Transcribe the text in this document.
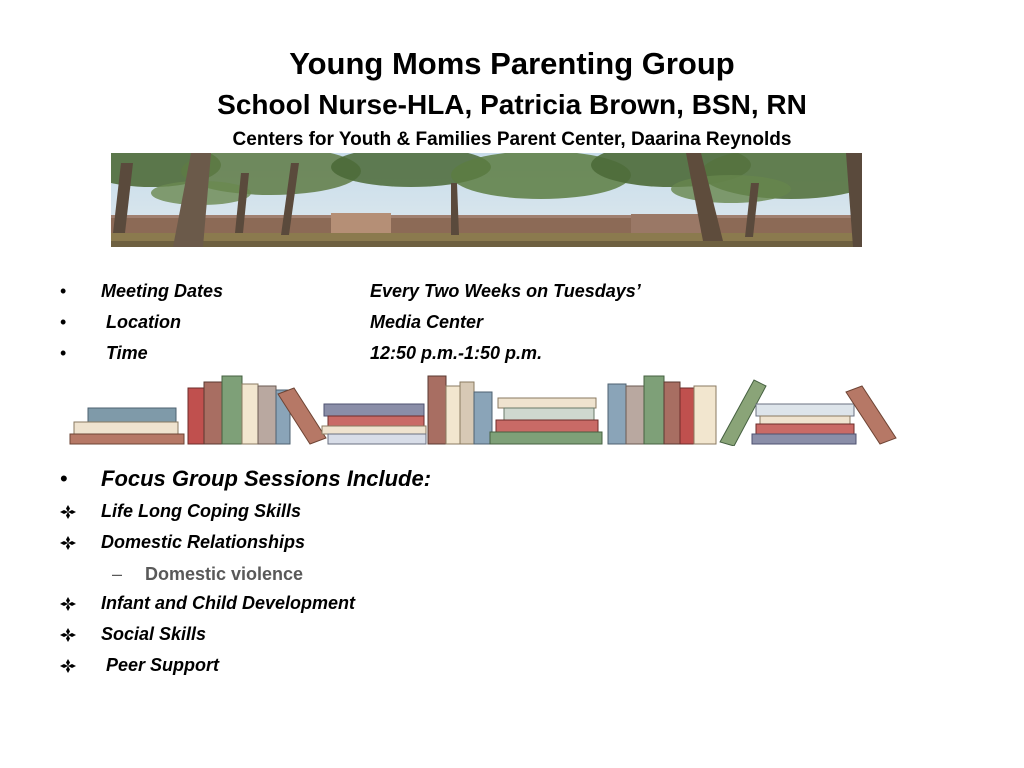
Young Moms Parenting Group
School Nurse-HLA, Patricia Brown, BSN, RN
Centers for Youth & Families Parent Center, Daarina Reynolds
• Meeting Dates	Every Two Weeks on Tuesdays’
• Location	Media Center
• Time	12:50 p.m.-1:50 p.m.
• Focus Group Sessions Include:
Life Long Coping Skills
Domestic Relationships
– Domestic violence
Infant and Child Development
Social Skills
Peer Support
